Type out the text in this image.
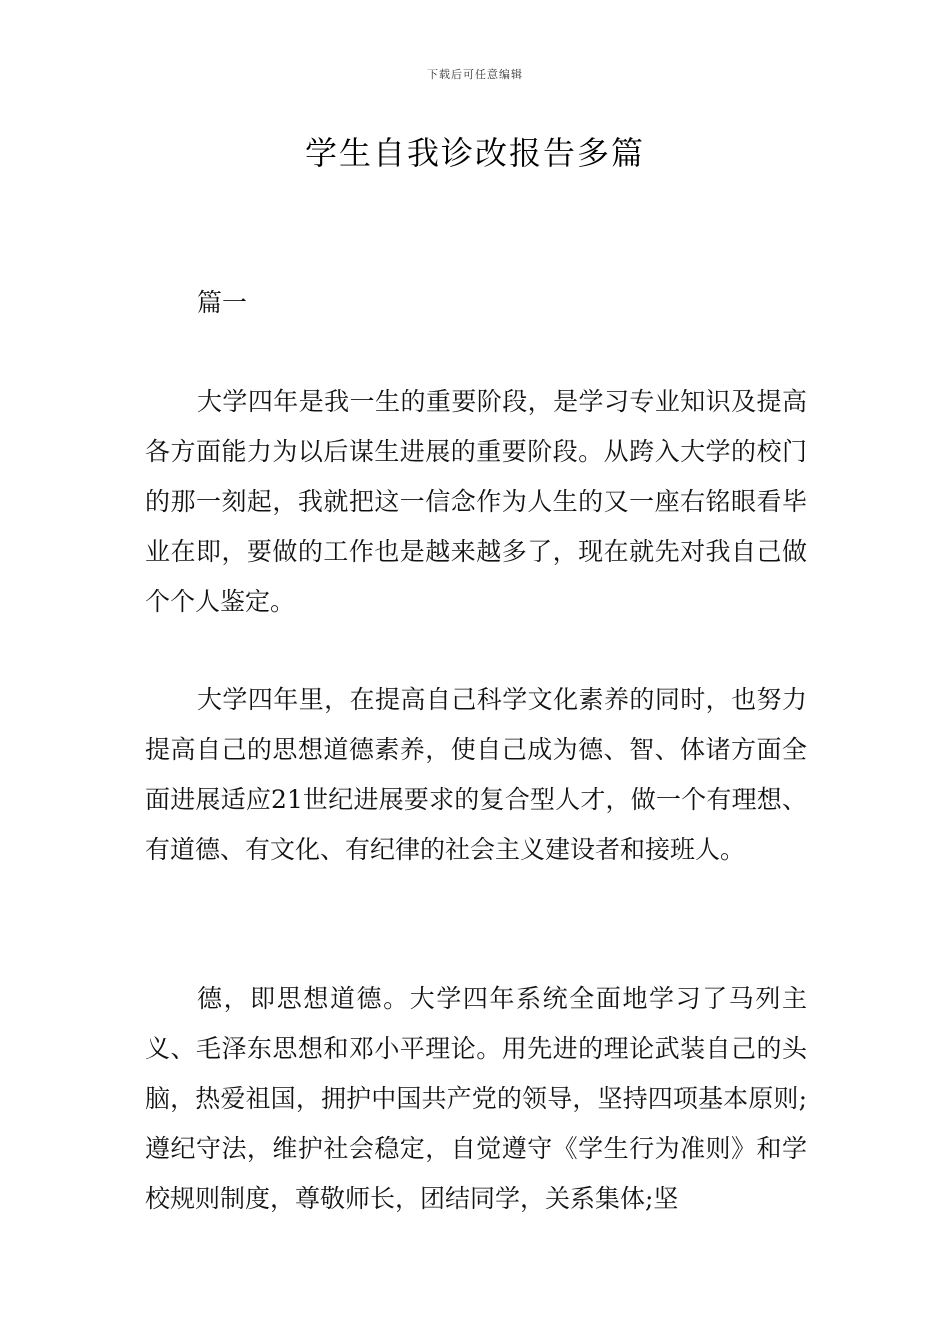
下载后可任意编辑
学生自我诊改报告多篇
篇一

大学四年是我一生的重要阶段，是学习专业知识及提高各方面能力为以后谋生进展的重要阶段。从跨入大学的校门的那一刻起，我就把这一信念作为人生的又一座右铭眼看毕业在即，要做的工作也是越来越多了，现在就先对我自己做个个人鉴定。

大学四年里，在提高自己科学文化素养的同时，也努力提高自己的思想道德素养，使自己成为德、智、体诸方面全面进展适应21世纪进展要求的复合型人才，做一个有理想、有道德、有文化、有纪律的社会主义建设者和接班人。

德，即思想道德。大学四年系统全面地学习了马列主义、毛泽东思想和邓小平理论。用先进的理论武装自己的头脑，热爱祖国，拥护中国共产党的领导，坚持四项基本原则;遵纪守法，维护社会稳定，自觉遵守《学生行为准则》和学校规则制度，尊敬师长，团结同学，关系集体;坚
